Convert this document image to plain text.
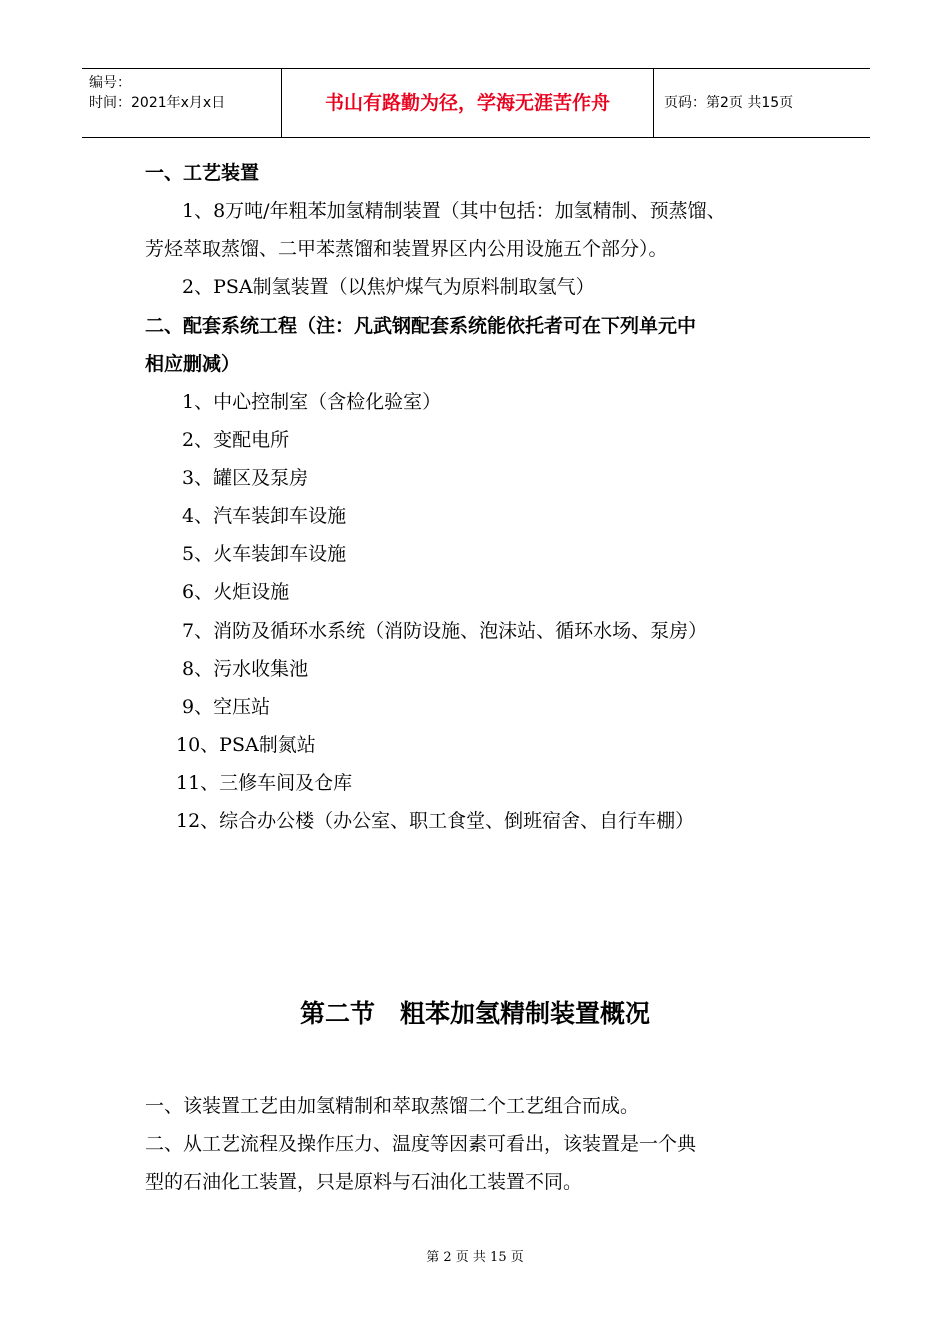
编号：
时间：2021年x月x日	书山有路勤为径，学海无涯苦作舟	页码：第2页 共15页
一、工艺装置
1、8万吨/年粗苯加氢精制装置（其中包括：加氢精制、预蒸馏、
芳烃萃取蒸馏、二甲苯蒸馏和装置界区内公用设施五个部分）。
2、PSA制氢装置（以焦炉煤气为原料制取氢气）
二、配套系统工程（注：凡武钢配套系统能依托者可在下列单元中
相应删减）
1、中心控制室（含检化验室）
2、变配电所
3、罐区及泵房
4、汽车装卸车设施
5、火车装卸车设施
6、火炬设施
7、消防及循环水系统（消防设施、泡沫站、循环水场、泵房）
8、污水收集池
9、空压站
10、PSA制氮站
11、三修车间及仓库
12、综合办公楼（办公室、职工食堂、倒班宿舍、自行车棚）
第二节　粗苯加氢精制装置概况
一、该装置工艺由加氢精制和萃取蒸馏二个工艺组合而成。
二、从工艺流程及操作压力、温度等因素可看出，该装置是一个典
型的石油化工装置，只是原料与石油化工装置不同。
第 2 页 共 15 页
